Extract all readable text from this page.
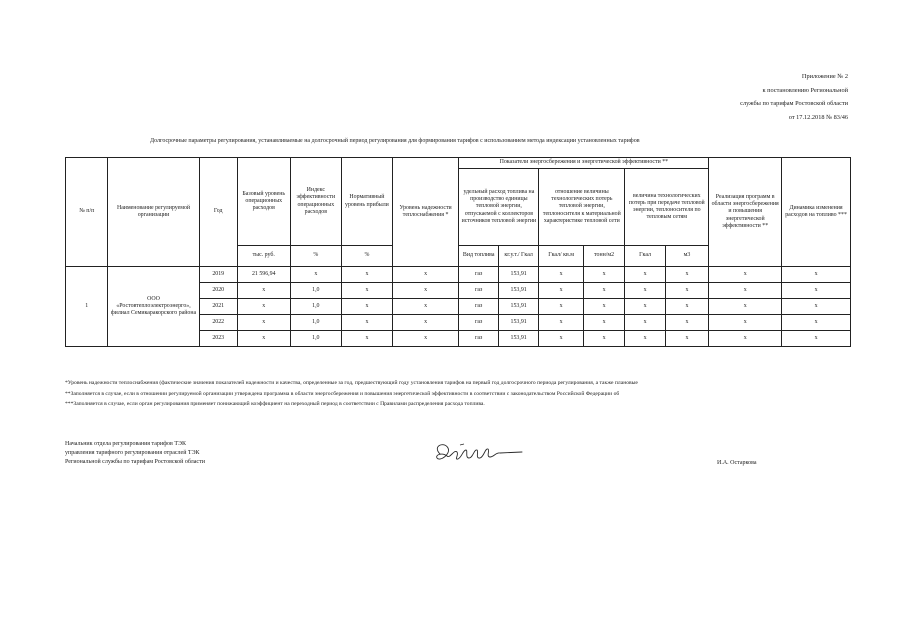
Приложение № 2
к постановлению Региональной
службы по тарифам Ростовской области
от 17.12.2018 № 83/46
Долгосрочные параметры регулирования, устанавливаемые на долгосрочный период регулирования для формирования тарифов с использованием метода индексации установленных тарифов
№ п/п	Наименование регулируемой организации	Год	Базовый уровень операционных расходов	Индекс эффективности операционных расходов	Нормативный уровень прибыли	Уровень надежности теплоснабжения *	Показатели энергосбережения и энергетической эффективности **						Реализация программ в области энергосбережения и повышения энергетической эффективности **	Динамика изменения расходов на топливо ***
							удельный расход топлива на производство единицы тепловой энергии, отпускаемой с коллекторов источников тепловой энергии		отношение величины технологических потерь тепловой энергии, теплоносителя к материальной характеристике тепловой сети		величина технологических потерь при передаче тепловой энергии, теплоносителя по тепловым сетям			
			тыс. руб.	%	%		Вид топлива	кг.у.т./ Гкал	Гкал/ кв.м	тонн/м2	Гкал	м3		
1	ООО «Ростовтеплоэлектроэнерго», филиал Семикаракорского района	2019	21 596,94	х	х	х	газ	153,91	х	х	х	х	х	х
		2020	х	1,0	х	х	газ	153,91	х	х	х	х	х	х
		2021	х	1,0	х	х	газ	153,91	х	х	х	х	х	х
		2022	х	1,0	х	х	газ	153,91	х	х	х	х	х	х
		2023	х	1,0	х	х	газ	153,91	х	х	х	х	х	х
*Уровень надежности теплоснабжения (фактические значения показателей надежности и качества, определенные за год, предшествующий году установления тарифов на первый год долгосрочного периода регулирования, а также плановые
**Заполняется в случае, если в отношении регулируемой организации утверждена программа в области энергосбережения и повышения энергетической эффективности в соответствии с законодательством Российской Федерации об
***Заполняется в случае, если орган регулирования применяет понижающий коэффициент на переходный период в соответствии с Правилами распределения расхода топлива.
Начальник отдела регулирования тарифов ТЭК
управления тарифного регулирования отраслей ТЭК
Региональной службы по тарифам Ростовской области	И.А. Остаркова
